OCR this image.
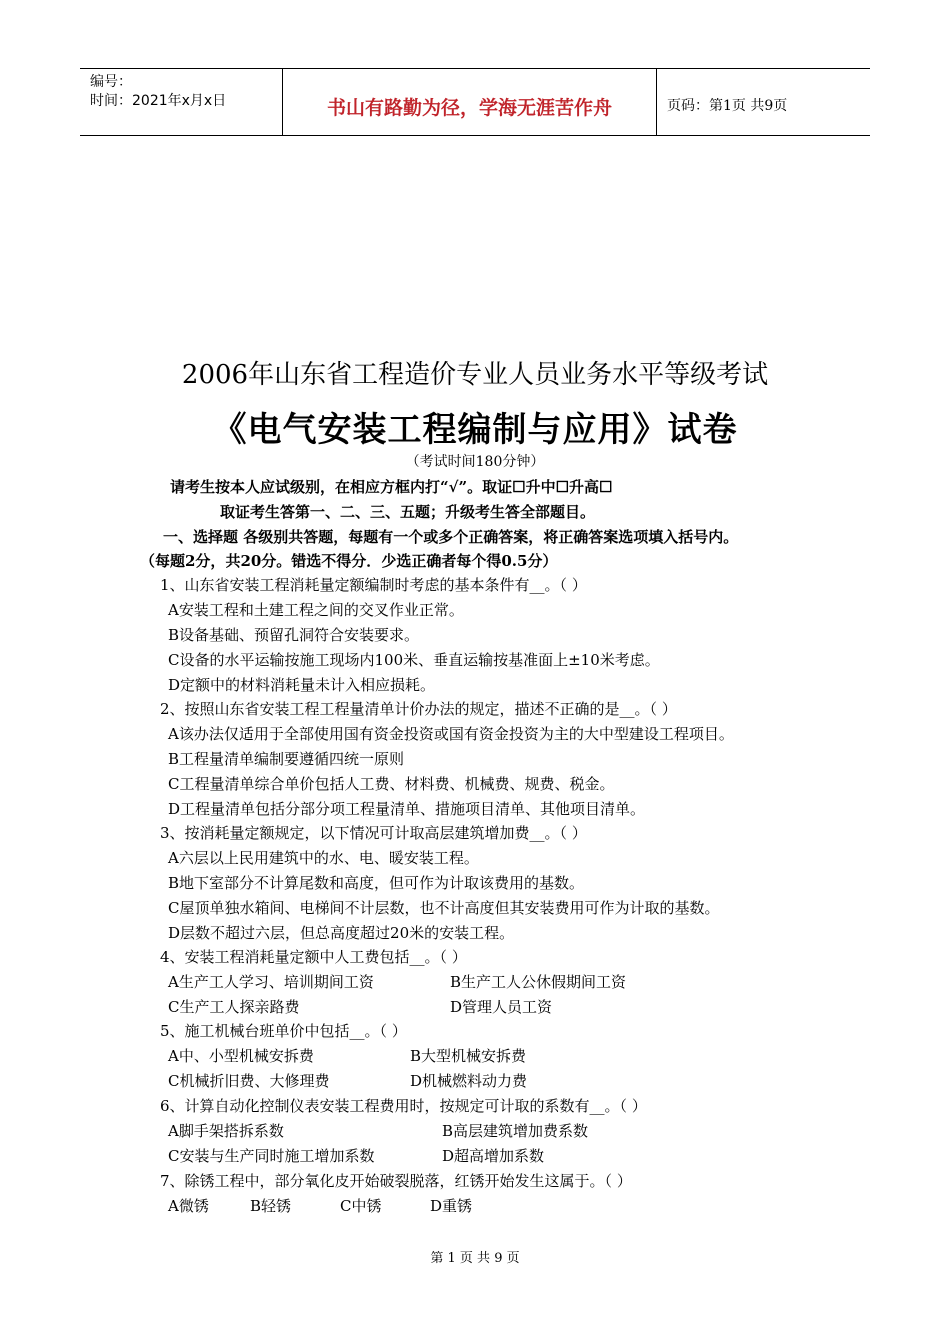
编号：
时间：2021年x月x日	书山有路勤为径，学海无涯苦作舟	页码：第1页 共9页
2006年山东省工程造价专业人员业务水平等级考试
《电气安装工程编制与应用》试卷
（考试时间180分钟）
请考生按本人应试级别，在相应方框内打“√”。取证☐升中☐升高☐
取证考生答第一、二、三、五题；升级考生答全部题目。
一、选择题 各级别共答题，每题有一个或多个正确答案，将正确答案选项填入括号内。
（每题2分，共20分。错选不得分．少选正确者每个得0.5分）
1、山东省安装工程消耗量定额编制时考虑的基本条件有__。（ ）
A安装工程和土建工程之间的交叉作业正常。
B设备基础、预留孔洞符合安装要求。
C设备的水平运输按施工现场内100米、垂直运输按基准面上±10米考虑。
D定额中的材料消耗量未计入相应损耗。
2、按照山东省安装工程工程量清单计价办法的规定，描述不正确的是__。（ ）
A该办法仅适用于全部使用国有资金投资或国有资金投资为主的大中型建设工程项目。
B工程量清单编制要遵循四统一原则
C工程量清单综合单价包括人工费、材料费、机械费、规费、税金。
D工程量清单包括分部分项工程量清单、措施项目清单、其他项目清单。
3、按消耗量定额规定，以下情况可计取高层建筑增加费__。（ ）
A六层以上民用建筑中的水、电、暖安装工程。
B地下室部分不计算尾数和高度，但可作为计取该费用的基数。
C屋顶单独水箱间、电梯间不计层数，也不计高度但其安装费用可作为计取的基数。
D层数不超过六层，但总高度超过20米的安装工程。
4、安装工程消耗量定额中人工费包括__。（ ）
A生产工人学习、培训期间工资	B生产工人公休假期间工资
C生产工人探亲路费	D管理人员工资
5、施工机械台班单价中包括__。（ ）
A中、小型机械安拆费	B大型机械安拆费
C机械折旧费、大修理费	D机械燃料动力费
6、计算自动化控制仪表安装工程费用时，按规定可计取的系数有__。（ ）
A脚手架搭拆系数	B高层建筑增加费系数
C安装与生产同时施工增加系数	D超高增加系数
7、除锈工程中，部分氧化皮开始破裂脱落，红锈开始发生这属于。（ ）
A微锈	B轻锈	C中锈	D重锈
第 1 页 共 9 页
